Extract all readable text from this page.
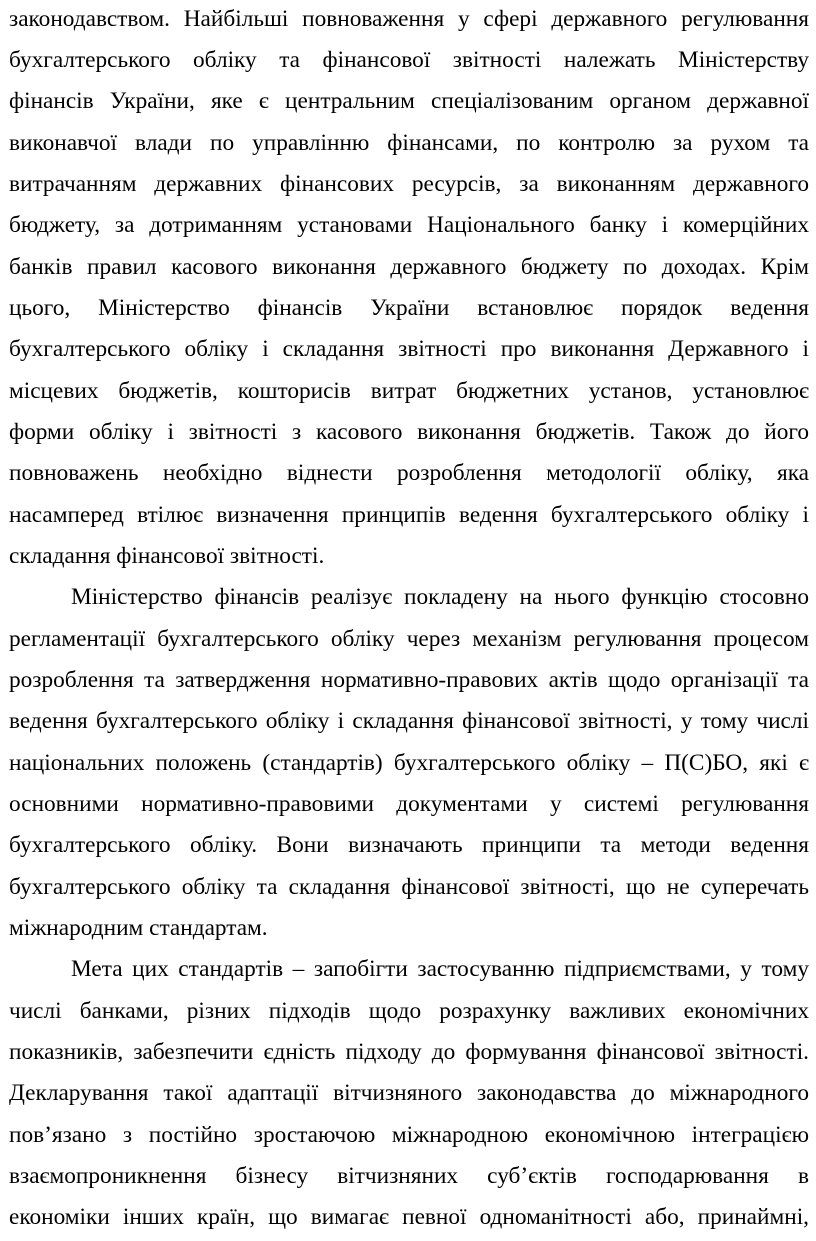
законодавством. Найбільші повноваження у сфері державного регулювання
бухгалтерського обліку та фінансової звітності належать Міністерству
фінансів України, яке є центральним спеціалізованим органом державної
виконавчої влади по управлінню фінансами, по контролю за рухом та
витрачанням державних фінансових ресурсів, за виконанням державного
бюджету, за дотриманням установами Національного банку і комерційних
банків правил касового виконання державного бюджету по доходах. Крім
цього, Міністерство фінансів України встановлює порядок ведення
бухгалтерського обліку і складання звітності про виконання Державного і
місцевих бюджетів, кошторисів витрат бюджетних установ, установлює
форми обліку і звітності з касового виконання бюджетів. Також до його
повноважень необхідно віднести розроблення методології обліку, яка
насамперед втілює визначення принципів ведення бухгалтерського обліку і
складання фінансової звітності.
Міністерство фінансів реалізує покладену на нього функцію стосовно
регламентації бухгалтерського обліку через механізм регулювання процесом
розроблення та затвердження нормативно-правових актів щодо організації та
ведення бухгалтерського обліку і складання фінансової звітності, у тому числі
національних положень (стандартів) бухгалтерського обліку – П(С)БО, які є
основними нормативно-правовими документами у системі регулювання
бухгалтерського обліку. Вони визначають принципи та методи ведення
бухгалтерського обліку та складання фінансової звітності, що не суперечать
міжнародним стандартам.
Мета цих стандартів – запобігти застосуванню підприємствами, у тому
числі банками, різних підходів щодо розрахунку важливих економічних
показників, забезпечити єдність підходу до формування фінансової звітності.
Декларування такої адаптації вітчизняного законодавства до міжнародного
пов’язано з постійно зростаючою міжнародною економічною інтеграцією
взаємопроникнення бізнесу вітчизняних суб’єктів господарювання в
економіки інших країн, що вимагає певної одноманітності або, принаймні,
